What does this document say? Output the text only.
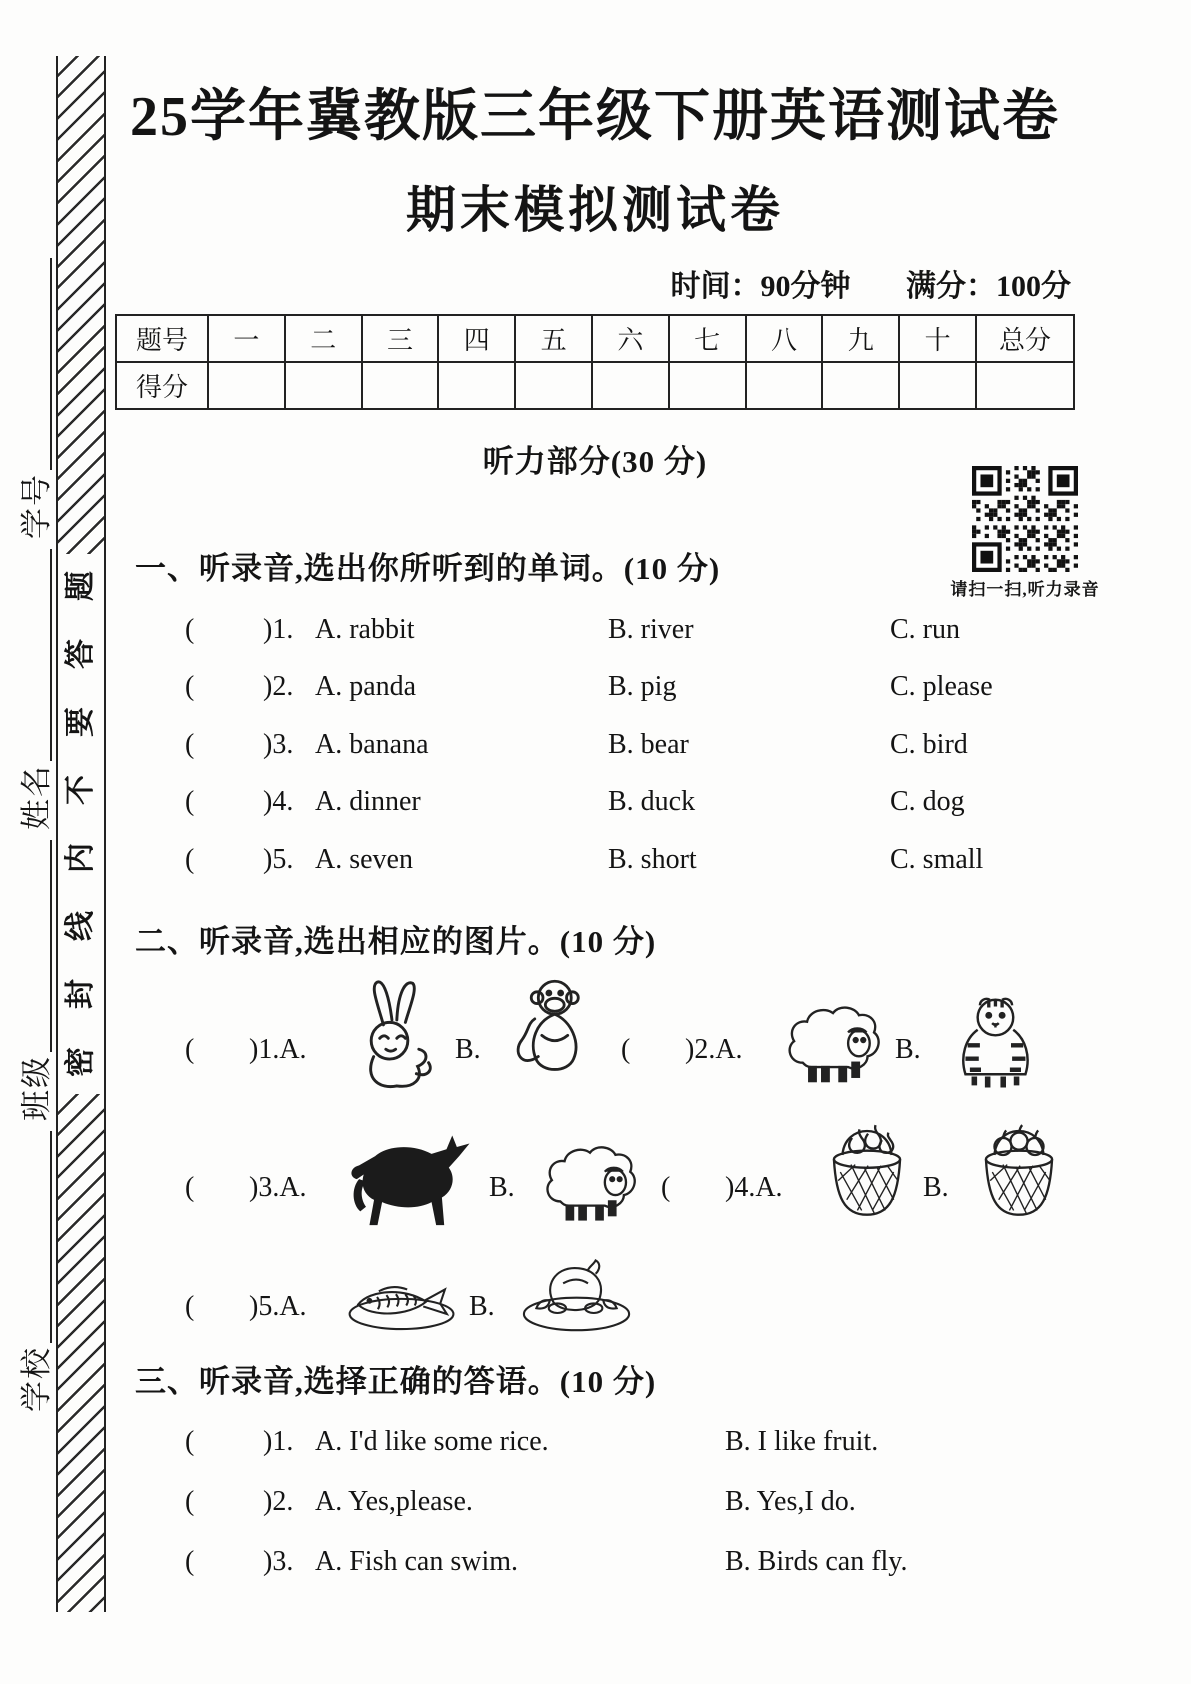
学校
班级
姓名
学号
题
答
要
不
内
线
封
密
25学年冀教版三年级下册英语测试卷
期末模拟测试卷
时间：90分钟 满分：100分
题号	一	二	三	四	五	六	七	八	九	十	总分
得分											
听力部分(30 分)
请扫一扫,听力录音
一、听录音,选出你所听到的单词。(10 分)
(	)1. A. rabbit	B. river	C. run
(	)2. A. panda	B. pig	C. please
(	)3. A. banana	B. bear	C. bird
(	)4. A. dinner	B. duck	C. dog
(	)5. A. seven	B. short	C. small
二、听录音,选出相应的图片。(10 分)
(	)1.A.	B.	(	)2.A.	B.
(	)3.A.	B.	(	)4.A.	B.
(	)5.A.	B.
三、听录音,选择正确的答语。(10 分)
(	)1. A. I'd like some rice.	B. I like fruit.
(	)2. A. Yes,please.	B. Yes,I do.
(	)3. A. Fish can swim.	B. Birds can fly.
